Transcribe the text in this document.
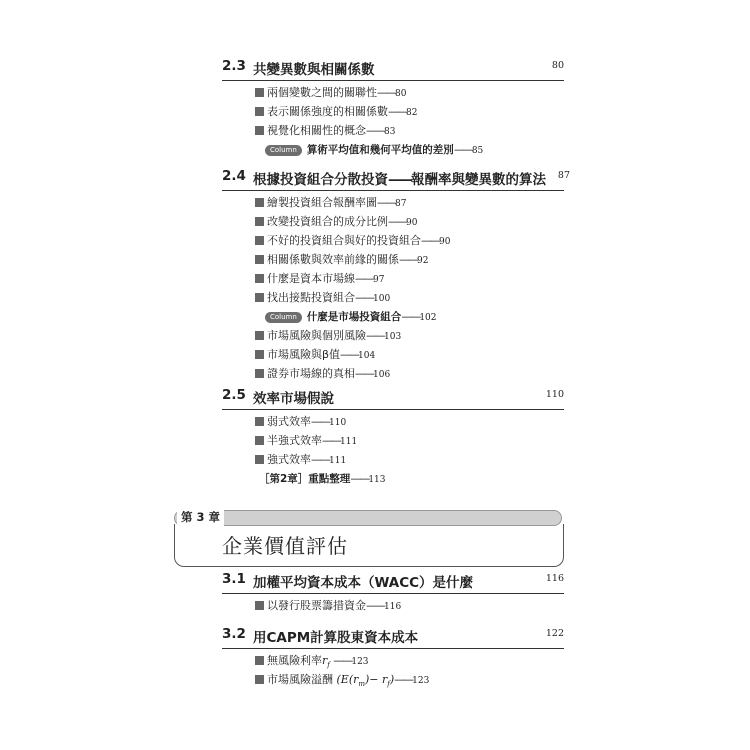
2.3 共變異數與相關係數	80
兩個變數之間的關聯性——80
表示關係強度的相關係數——82
視覺化相關性的概念——83
Column 算術平均值和幾何平均值的差別——85
2.4 根據投資組合分散投資——報酬率與變異數的算法 87
繪製投資組合報酬率圖——87
改變投資組合的成分比例——90
不好的投資組合與好的投資組合——90
相關係數與效率前緣的關係——92
什麼是資本市場線——97
找出接點投資組合——100
Column 什麼是市場投資組合——102
市場風險與個別風險——103
市場風險與β值——104
證券市場線的真相——106
2.5 效率市場假說	110
弱式效率——110
半強式效率——111
強式效率——111
［第2章］重點整理——113
第 3 章
企業價值評估
3.1 加權平均資本成本（WACC）是什麼	116
以發行股票籌措資金——116
3.2 用CAPM計算股東資本成本	122
無風險利率$r_f$ ——123
市場風險溢酬 ($E(r_m)-$ $r_f)——123$
